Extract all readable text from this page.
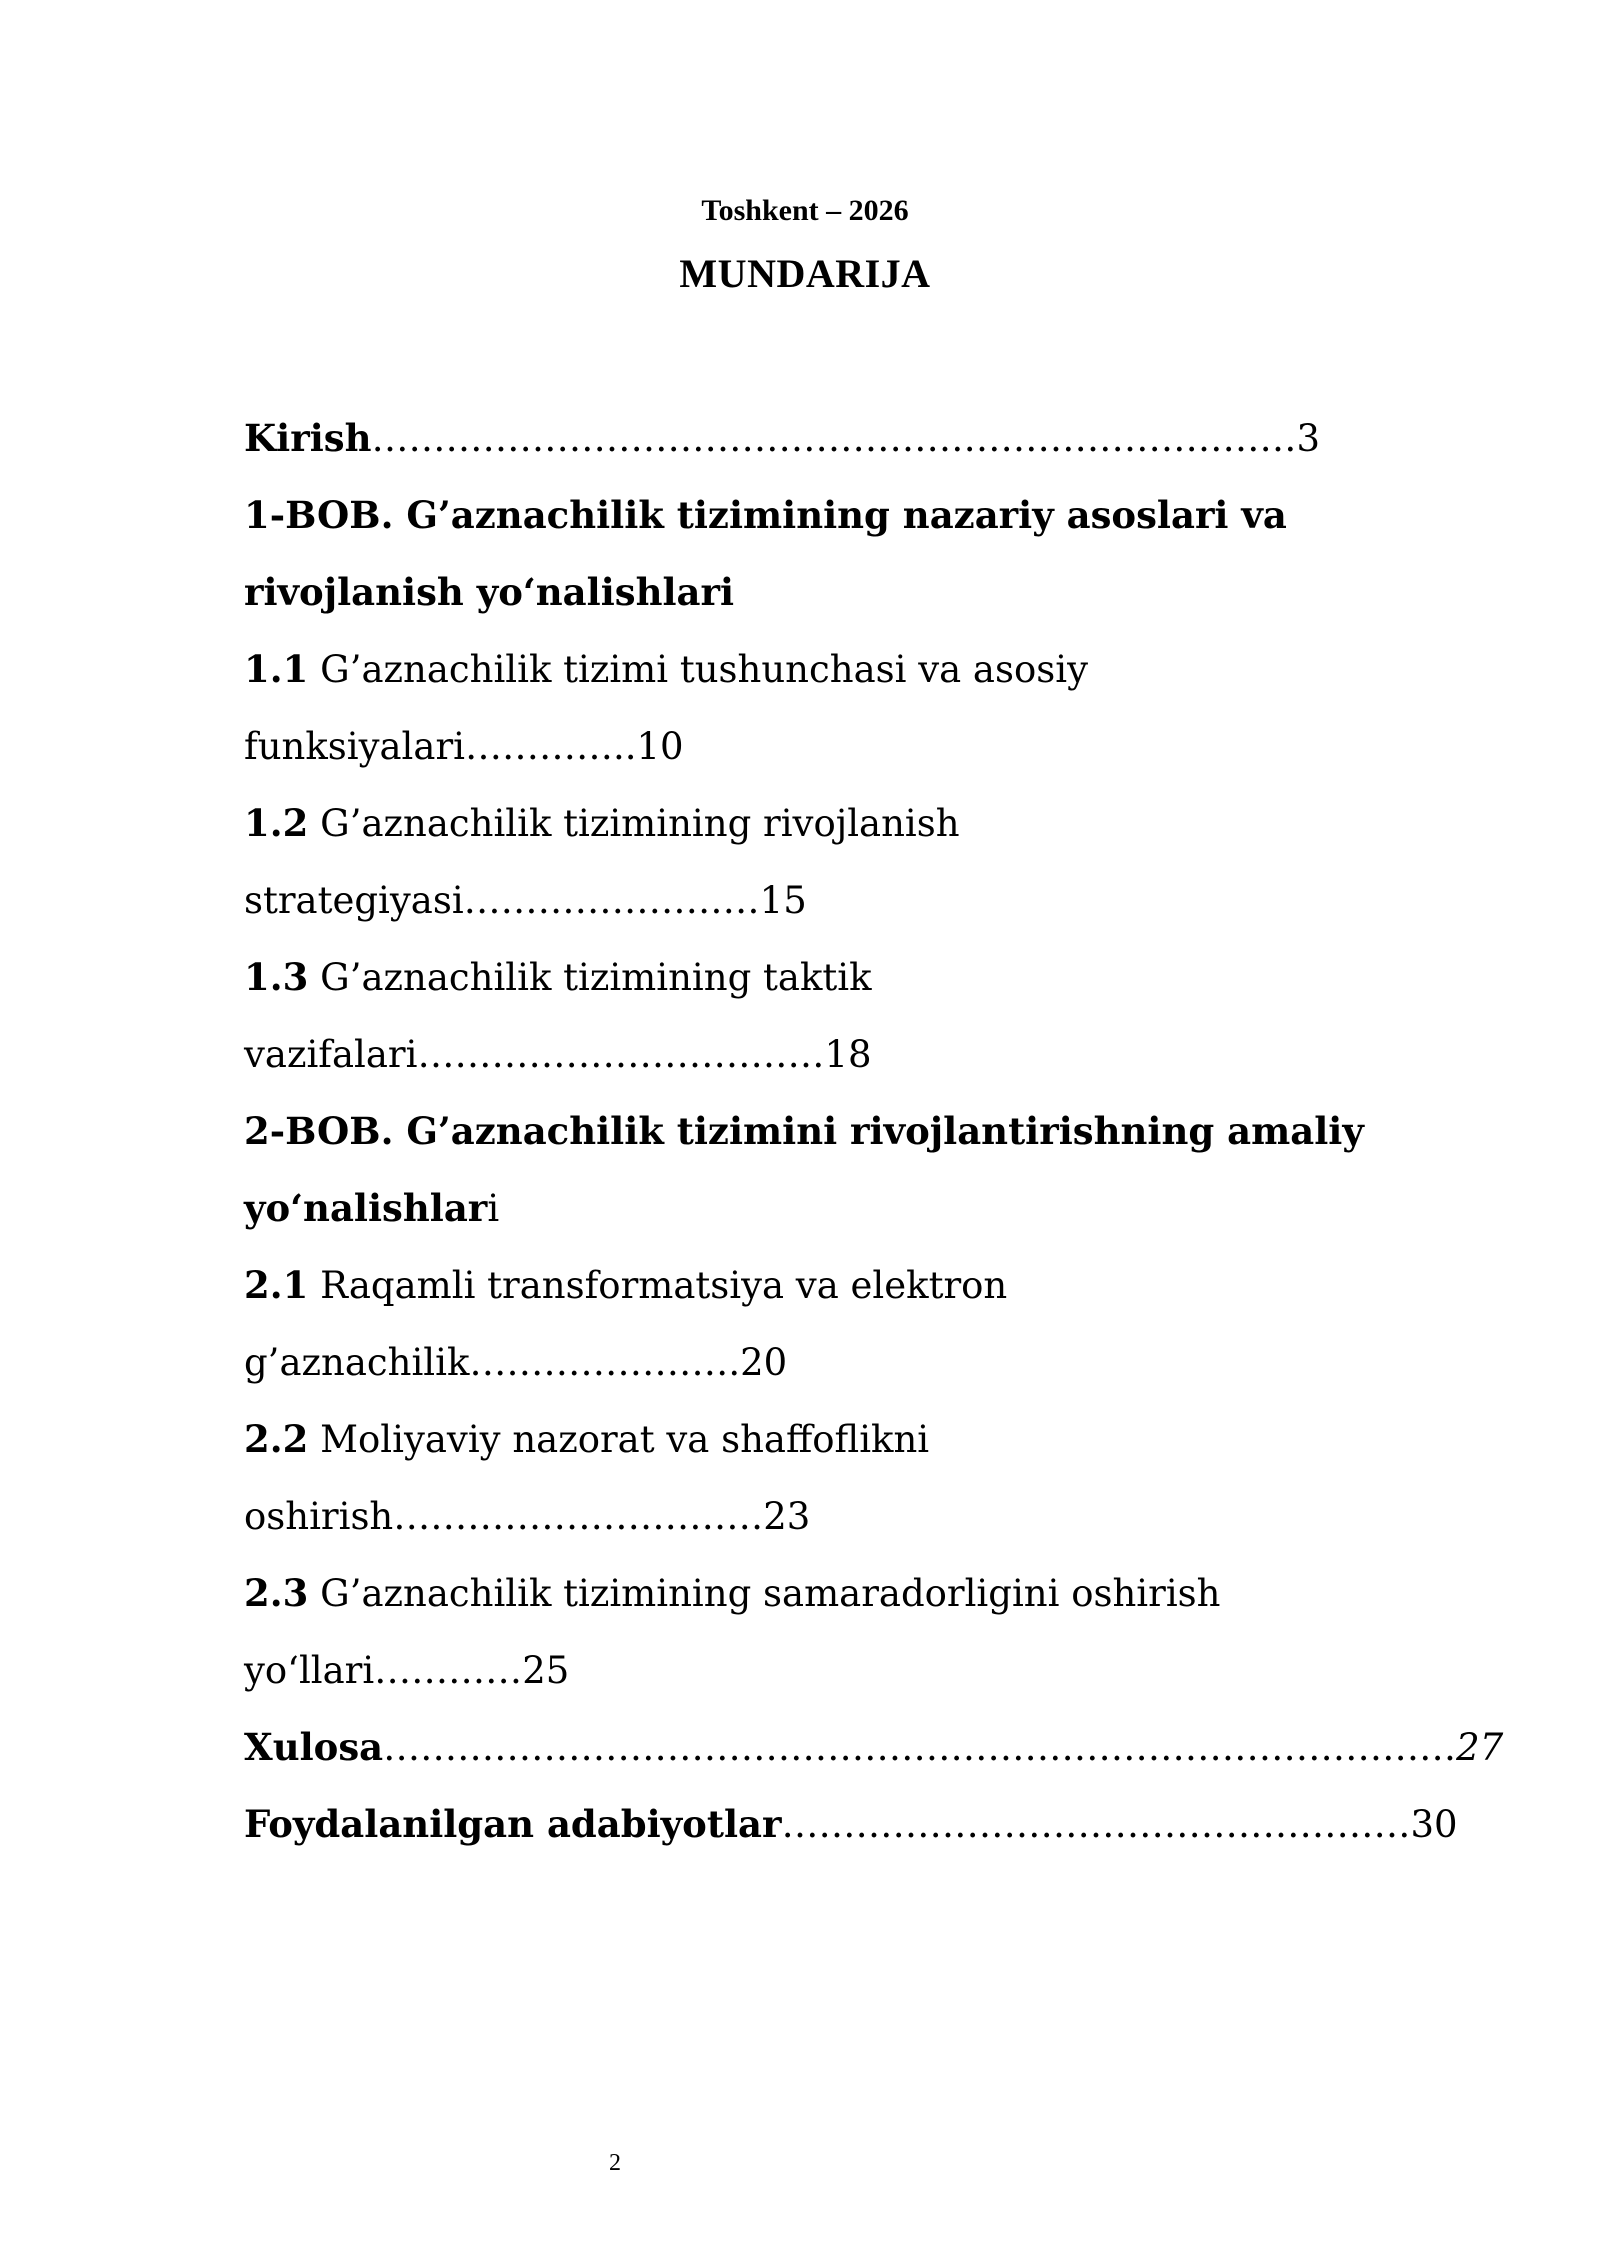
Toshkent – 2026
MUNDARIJA
Kirish…………………………………………………………………3
1-BOB. G’aznachilik tizimining nazariy asoslari va
rivojlanish yo‘nalishlari
1.1 G’aznachilik tizimi tushunchasi va asosiy
funksiyalari…………..10
1.2 G’aznachilik tizimining rivojlanish
strategiyasi……………………15
1.3 G’aznachilik tizimining taktik
vazifalari……………………………18
2-BOB. G’aznachilik tizimini rivojlantirishning amaliy
yo‘nalishlari
2.1 Raqamli transformatsiya va elektron
g’aznachilik………………….20
2.2 Moliyaviy nazorat va shaffoflikni
oshirish…………………………23
2.3 G’aznachilik tizimining samaradorligini oshirish
yo‘llari…………25
Xulosa……………………………………………………………………………27
Foydalanilgan adabiyotlar……………………………………………30
2
